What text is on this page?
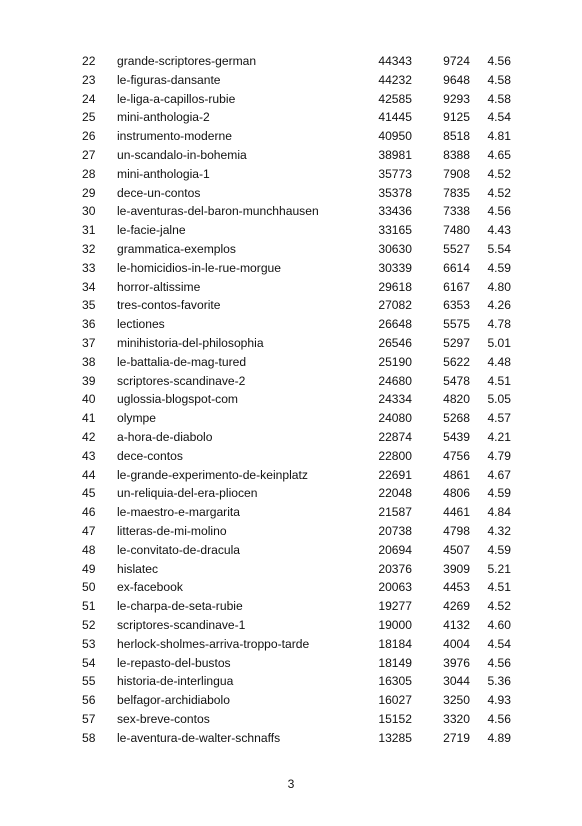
22	grande-scriptores-german	44343	9724	4.56
23	le-figuras-dansante	44232	9648	4.58
24	le-liga-a-capillos-rubie	42585	9293	4.58
25	mini-anthologia-2	41445	9125	4.54
26	instrumento-moderne	40950	8518	4.81
27	un-scandalo-in-bohemia	38981	8388	4.65
28	mini-anthologia-1	35773	7908	4.52
29	dece-un-contos	35378	7835	4.52
30	le-aventuras-del-baron-munchhausen	33436	7338	4.56
31	le-facie-jalne	33165	7480	4.43
32	grammatica-exemplos	30630	5527	5.54
33	le-homicidios-in-le-rue-morgue	30339	6614	4.59
34	horror-altissime	29618	6167	4.80
35	tres-contos-favorite	27082	6353	4.26
36	lectiones	26648	5575	4.78
37	minihistoria-del-philosophia	26546	5297	5.01
38	le-battalia-de-mag-tured	25190	5622	4.48
39	scriptores-scandinave-2	24680	5478	4.51
40	uglossia-blogspot-com	24334	4820	5.05
41	olympe	24080	5268	4.57
42	a-hora-de-diabolo	22874	5439	4.21
43	dece-contos	22800	4756	4.79
44	le-grande-experimento-de-keinplatz	22691	4861	4.67
45	un-reliquia-del-era-pliocen	22048	4806	4.59
46	le-maestro-e-margarita	21587	4461	4.84
47	litteras-de-mi-molino	20738	4798	4.32
48	le-convitato-de-dracula	20694	4507	4.59
49	hislatec	20376	3909	5.21
50	ex-facebook	20063	4453	4.51
51	le-charpa-de-seta-rubie	19277	4269	4.52
52	scriptores-scandinave-1	19000	4132	4.60
53	herlock-sholmes-arriva-troppo-tarde	18184	4004	4.54
54	le-repasto-del-bustos	18149	3976	4.56
55	historia-de-interlingua	16305	3044	5.36
56	belfagor-archidiabolo	16027	3250	4.93
57	sex-breve-contos	15152	3320	4.56
58	le-aventura-de-walter-schnaffs	13285	2719	4.89
3
